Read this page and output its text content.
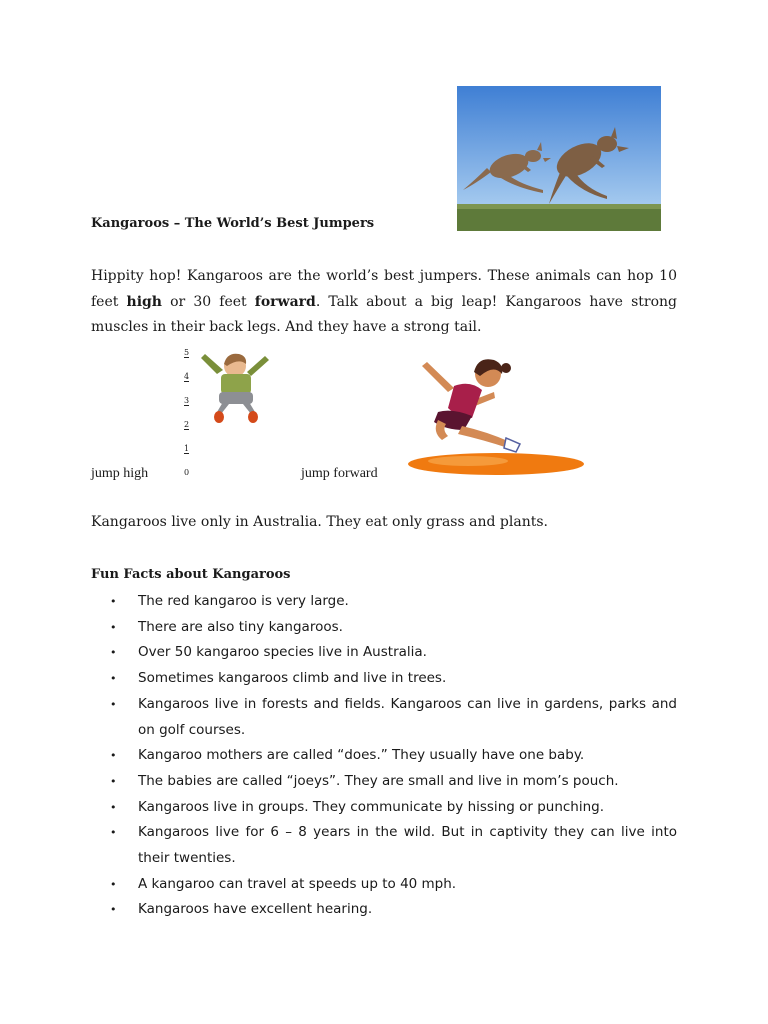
Kangaroos – The World’s Best Jumpers

Hippity hop! Kangaroos are the world’s best jumpers. These animals can hop 10 feet high or 30 feet forward. Talk about a big leap! Kangaroos have strong muscles in their back legs. And they have a strong tail.

5
4
3
2
1
0
jump high	jump forward
Kangaroos live only in Australia. They eat only grass and plants.
Fun Facts about Kangaroos
• The red kangaroo is very large.
• There are also tiny kangaroos.
• Over 50 kangaroo species live in Australia.
• Sometimes kangaroos climb and live in trees.
• Kangaroos live in forests and fields. Kangaroos can live in gardens, parks and on golf courses.
• Kangaroo mothers are called “does.” They usually have one baby.
• The babies are called “joeys”. They are small and live in mom’s pouch.
• Kangaroos live in groups. They communicate by hissing or punching.
• Kangaroos live for 6 – 8 years in the wild. But in captivity they can live into their twenties.
• A kangaroo can travel at speeds up to 40 mph.
• Kangaroos have excellent hearing.
